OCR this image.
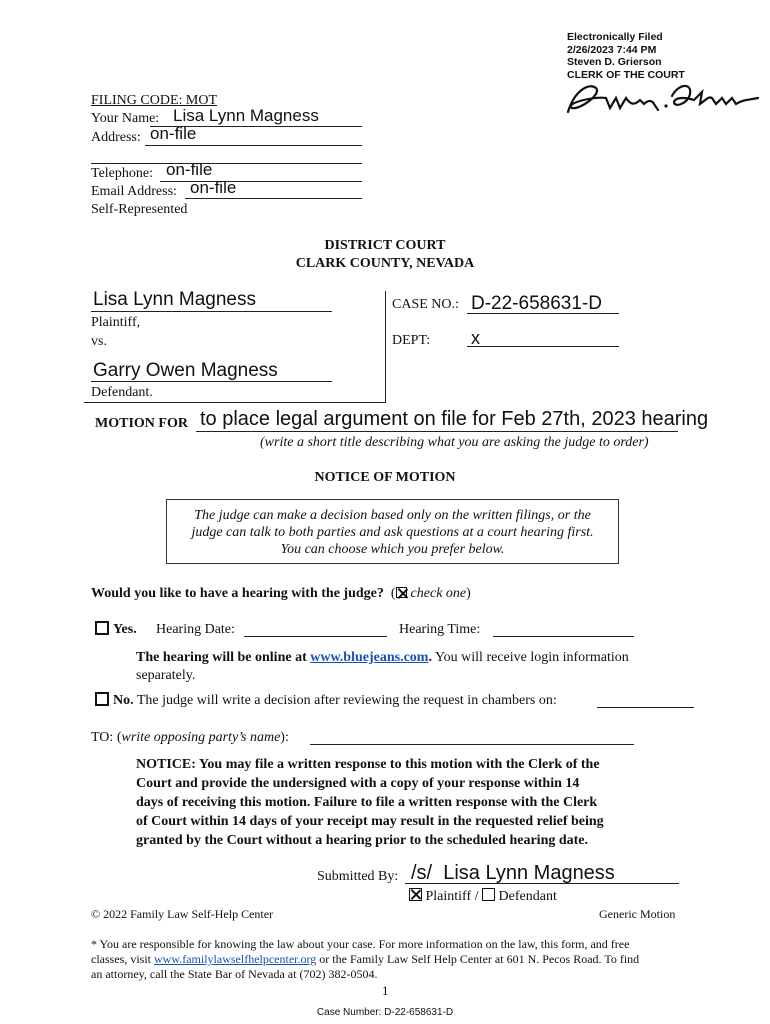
Electronically Filed
2/26/2023 7:44 PM
Steven D. Grierson
CLERK OF THE COURT
FILING CODE: MOT
Your Name: Lisa Lynn Magness
Address: on-file
Telephone: on-file
Email Address: on-file
Self-Represented
DISTRICT COURT
CLARK COUNTY, NEVADA
Lisa Lynn Magness
Plaintiff,
vs.
Garry Owen Magness
Defendant.
CASE NO.: D-22-658631-D
DEPT: x
MOTION FOR to place legal argument on file for Feb 27th, 2023 hearing
(write a short title describing what you are asking the judge to order)
NOTICE OF MOTION
The judge can make a decision based only on the written filings, or the
judge can talk to both parties and ask questions at a court hearing first.
You can choose which you prefer below.
Would you like to have a hearing with the judge?  ( check one)
Yes. Hearing Date:	Hearing Time:
The hearing will be online at www.bluejeans.com. You will receive login information
separately.
No. The judge will write a decision after reviewing the request in chambers on:
TO: (write opposing party’s name):
NOTICE: You may file a written response to this motion with the Clerk of the
Court and provide the undersigned with a copy of your response within 14
days of receiving this motion. Failure to file a written response with the Clerk
of Court within 14 days of your receipt may result in the requested relief being
granted by the Court without a hearing prior to the scheduled hearing date.
Submitted By: /s/  Lisa Lynn Magness
Plaintiff / Defendant
© 2022 Family Law Self-Help Center	Generic Motion
* You are responsible for knowing the law about your case. For more information on the law, this form, and free
classes, visit www.familylawselfhelpcenter.org or the Family Law Self Help Center at 601 N. Pecos Road. To find
an attorney, call the State Bar of Nevada at (702) 382-0504.
1
Case Number: D-22-658631-D
